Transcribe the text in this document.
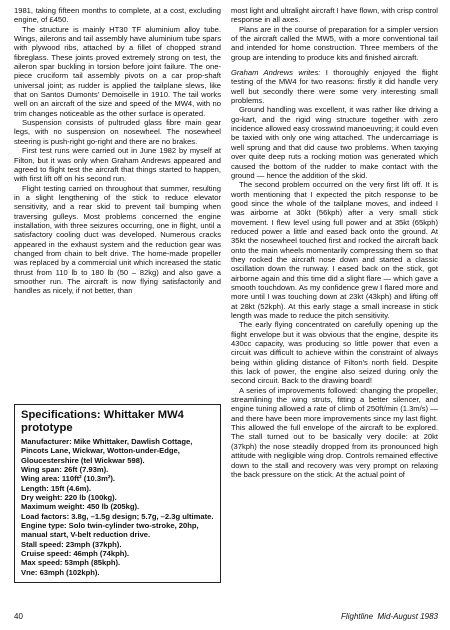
1981, taking fifteen months to complete, at a cost, excluding engine, of £450.

The structure is mainly HT30 TF aluminium alloy tube. Wings, ailerons and tail assembly have aluminium tube spars with plywood ribs, attached by a fillet of chopped strand fibreglass. These joints proved extremely strong on test, the aileron spar buckling in torsion before joint failure. The one-piece cruciform tail assembly pivots on a car prop-shaft universal joint; as rudder is applied the tailplane slews, like that on Santos Dumonts' Demoiselle in 1910. The tail works well on an aircraft of the size and speed of the MW4, with no trim changes noticeable as the other surface is operated.

Suspension consists of pultruded glass fibre main gear legs, with no suspension on nosewheel. The nosewheel steering is push-right go-right and there are no brakes.

First test runs were carried out in June 1982 by myself at Filton, but it was only when Graham Andrews appeared and agreed to flight test the aircraft that things started to happen, with first lift off on his second run.

Flight testing carried on throughout that summer, resulting in a slight lengthening of the stick to reduce elevator sensitivity, and a rear skid to prevent tail bumping when traversing gulleys. Most problems concerned the engine installation, with three seizures occurring, one in flight, until a satisfactory cooling duct was developed. Numerous cracks appeared in the exhaust system and the reduction gear was changed from chain to belt drive. The home-made propeller was replaced by a commercial unit which increased the static thrust from 110 lb to 180 lb (50 – 82kg) and also gave a smoother run. The aircraft is now flying satisfactorily and handles as nicely, if not better, than

Specifications: Whittaker MW4 prototype

Manufacturer: Mike Whittaker, Dawlish Cottage, Pincots Lane, Wickwar, Wotton-under-Edge, Gloucestershire (tel Wickwar 598).

Wing span: 26ft (7.93m).

Wing area: 110ft² (10.3m²).

Length: 15ft (4.6m).

Dry weight: 220 lb (100kg).

Maximum weight: 450 lb (205kg).

Load factors: 3.8g, –1.5g design; 5.7g, –2.3g ultimate.

Engine type: Solo twin-cylinder two-stroke, 20hp, manual start, V-belt reduction drive.

Stall speed: 23mph (37kph).

Cruise speed: 46mph (74kph).

Max speed: 53mph (85kph).

Vne: 63mph (102kph).

most light and ultralight aircraft I have flown, with crisp control response in all axes.

Plans are in the course of preparation for a simpler version of the aircraft called the MW5, with a more conventional tail and intended for home construction. Three members of the group are intending to produce kits and finished aircraft.

Graham Andrews writes: I thoroughly enjoyed the flight testing of the MW4 for two reasons: firstly it did handle very well but secondly there were some very interesting small problems.

Ground handling was excellent, it was rather like driving a go-kart, and the rigid wing structure together with zero incidence allowed easy crosswind manoeuvring; it could even be taxied with only one wing attached. The undercarriage is well sprung and that did cause two problems. When taxying over quite deep ruts a rocking motion was generated which caused the bottom of the rudder to make contact with the ground — hence the addition of the skid.

The second problem occurred on the very first lift off. It is worth mentioning that I expected the pitch response to be good since the whole of the tailplane moves, and indeed I was airborne at 30kt (56kph) after a very small stick movement. I flew level using full power and at 35kt (65kph) reduced power a little and eased back onto the ground. At 35kt the nosewheel touched first and rocked the aircraft back onto the main wheels momentarily compressing them so that they rocked the aircraft nose down and started a classic oscillation down the runway. I eased back on the stick, got airborne again and this time did a slight flare — which gave a smooth touchdown. As my confidence grew I flared more and more until I was touching down at 23kt (43kph) and lifting off at 28kt (52kph). At this early stage a small increase in stick length was made to reduce the pitch sensitivity.

The early flying concentrated on carefully opening up the flight envelope but it was obvious that the engine, despite its 430cc capacity, was producing so little power that even a circuit was difficult to achieve within the constraint of always being within gliding distance of Filton's north field. Despite this lack of power, the engine also seized during only the second circuit. Back to the drawing board!

A series of improvements followed: changing the propeller, streamlining the wing struts, fitting a better silencer, and engine tuning allowed a rate of climb of 250ft/min (1.3m/s) — and there have been more improvements since my last flight. This allowed the full envelope of the aircraft to be explored. The stall turned out to be basically very docile: at 20kt (37kph) the nose steadily dropped from its pronounced high attitude with negligible wing drop. Controls remained effective down to the stall and recovery was very prompt on relaxing the back pressure on the stick. At the actual point of

40	Flightline Mid-August 1983
